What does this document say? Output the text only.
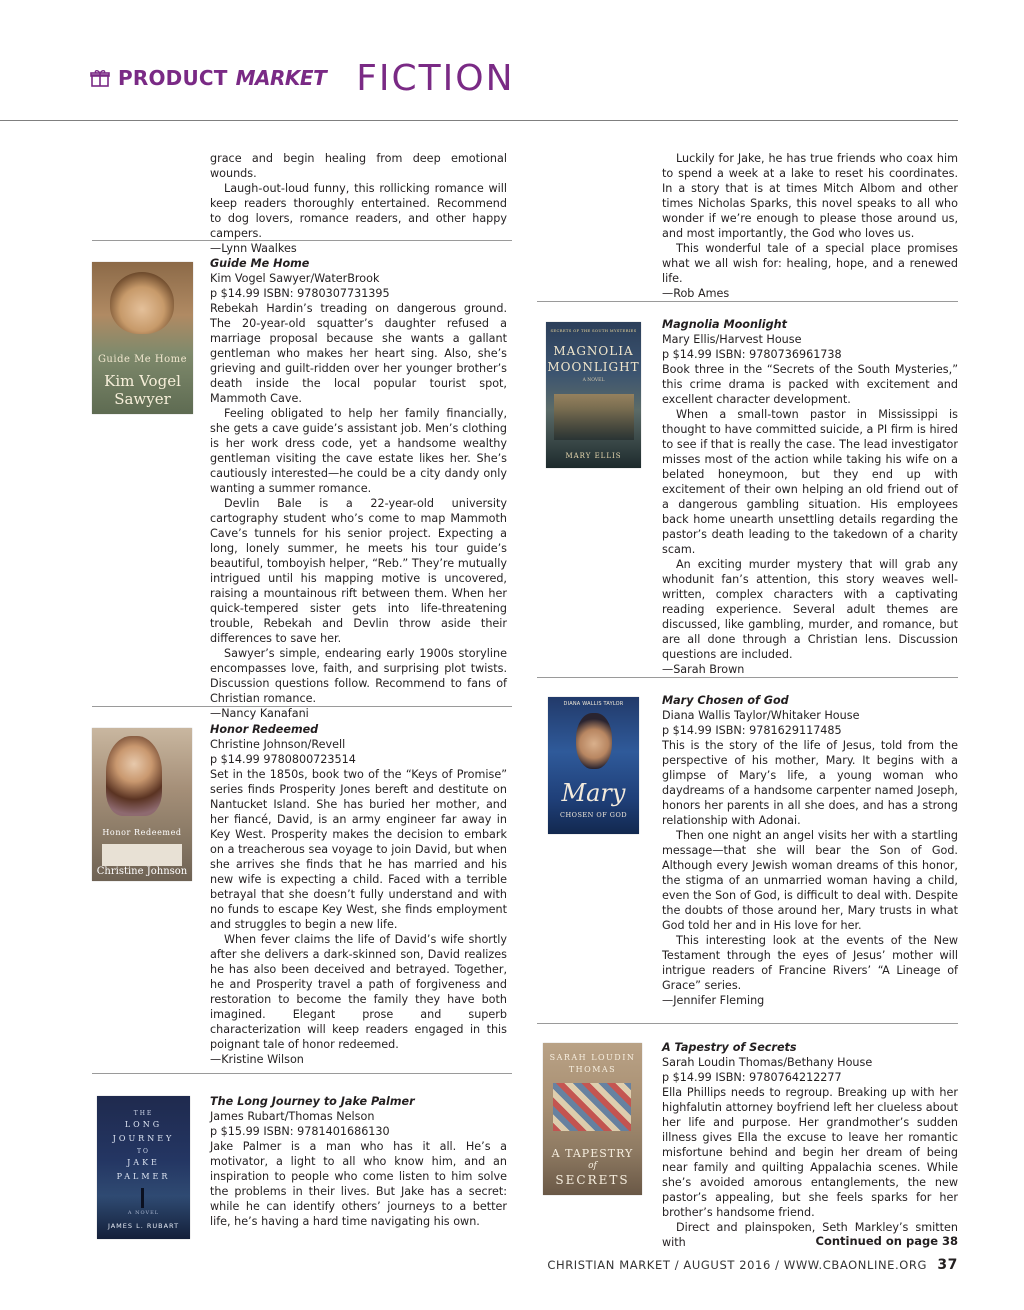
PRODUCT MARKET FICTION

grace and begin healing from deep emotional wounds.

Laugh-out-loud funny, this rollicking romance will keep readers thoroughly entertained. Recommend to dog lovers, romance readers, and other happy campers.

—Lynn Waalkes

Guide Me Home
Kim Vogel
Sawyer

Guide Me Home

Kim Vogel Sawyer/WaterBrook

p $14.99 ISBN: 9780307731395

Rebekah Hardin’s treading on dangerous ground. The 20-year-old squatter’s daughter refused a marriage proposal because she wants a gallant gentleman who makes her heart sing. Also, she’s grieving and guilt-ridden over her younger brother’s death inside the local popular tourist spot, Mammoth Cave.

Feeling obligated to help her family financially, she gets a cave guide’s assistant job. Men’s clothing is her work dress code, yet a handsome wealthy gentleman visiting the cave estate likes her. She’s cautiously interested—he could be a city dandy only wanting a summer romance.

Devlin Bale is a 22-year-old university cartography student who’s come to map Mammoth Cave’s tunnels for his senior project. Expecting a long, lonely summer, he meets his tour guide’s beautiful, tomboyish helper, “Reb.” They’re mutually intrigued until his mapping motive is uncovered, raising a mountainous rift between them. When her quick-tempered sister gets into life-threatening trouble, Rebekah and Devlin throw aside their differences to save her.

Sawyer’s simple, endearing early 1900s storyline encompasses love, faith, and surprising plot twists. Discussion questions follow. Recommend to fans of Christian romance.

—Nancy Kanafani

Honor Redeemed
Christine Johnson

Honor Redeemed

Christine Johnson/Revell

p $14.99 9780800723514

Set in the 1850s, book two of the “Keys of Promise” series finds Prosperity Jones bereft and destitute on Nantucket Island. She has buried her mother, and her fiancé, David, is an army engineer far away in Key West. Prosperity makes the decision to embark on a treacherous sea voyage to join David, but when she arrives she finds that he has married and his new wife is expecting a child. Faced with a terrible betrayal that she doesn’t fully understand and with no funds to escape Key West, she finds employment and struggles to begin a new life.

When fever claims the life of David’s wife shortly after she delivers a dark-skinned son, David realizes he has also been deceived and betrayed. Together, he and Prosperity travel a path of forgiveness and restoration to become the family they have both imagined. Elegant prose and superb characterization will keep readers engaged in this poignant tale of honor redeemed.

—Kristine Wilson

THE
LONG
JOURNEY
TO
JAKE
PALMER
A NOVEL
JAMES L. RUBART

The Long Journey to Jake Palmer

James Rubart/Thomas Nelson

p $15.99 ISBN: 9781401686130

Jake Palmer is a man who has it all. He’s a motivator, a light to all who know him, and an inspiration to people who come listen to him solve the problems in their lives. But Jake has a secret: while he can identify others’ journeys to a better life, he’s having a hard time navigating his own.

Luckily for Jake, he has true friends who coax him to spend a week at a lake to reset his coordinates. In a story that is at times Mitch Albom and other times Nicholas Sparks, this novel speaks to all who wonder if we’re enough to please those around us, and most importantly, the God who loves us.

This wonderful tale of a special place promises what we all wish for: healing, hope, and a renewed life.

—Rob Ames

SECRETS OF THE SOUTH MYSTERIES
MAGNOLIA
MOONLIGHT
A NOVEL
MARY ELLIS

Magnolia Moonlight

Mary Ellis/Harvest House

p $14.99 ISBN: 9780736961738

Book three in the “Secrets of the South Mysteries,” this crime drama is packed with excitement and excellent character development.

When a small-town pastor in Mississippi is thought to have committed suicide, a PI firm is hired to see if that is really the case. The lead investigator misses most of the action while taking his wife on a belated honeymoon, but they end up with excitement of their own helping an old friend out of a dangerous gambling situation. His employees back home unearth unsettling details regarding the pastor’s death leading to the takedown of a charity scam.

An exciting murder mystery that will grab any whodunit fan’s attention, this story weaves well-written, complex characters with a captivating reading experience. Several adult themes are discussed, like gambling, murder, and romance, but are all done through a Christian lens. Discussion questions are included.

—Sarah Brown

DIANA WALLIS TAYLOR
Mary
CHOSEN OF GOD

Mary Chosen of God

Diana Wallis Taylor/Whitaker House

p $14.99 ISBN: 9781629117485

This is the story of the life of Jesus, told from the perspective of his mother, Mary. It begins with a glimpse of Mary’s life, a young woman who daydreams of a handsome carpenter named Joseph, honors her parents in all she does, and has a strong relationship with Adonai.

Then one night an angel visits her with a startling message—that she will bear the Son of God. Although every Jewish woman dreams of this honor, the stigma of an unmarried woman having a child, even the Son of God, is difficult to deal with. Despite the doubts of those around her, Mary trusts in what God told her and in His love for her.

This interesting look at the events of the New Testament through the eyes of Jesus’ mother will intrigue readers of Francine Rivers’ “A Lineage of Grace” series.

—Jennifer Fleming

SARAH LOUDIN
THOMAS
A TAPESTRY
of
SECRETS

A Tapestry of Secrets

Sarah Loudin Thomas/Bethany House

p $14.99 ISBN: 9780764212277

Ella Phillips needs to regroup. Breaking up with her highfalutin attorney boyfriend left her clueless about her life and purpose. Her grandmother’s sudden illness gives Ella the excuse to leave her romantic misfortune behind and begin her dream of being near family and quilting Appalachia scenes. While she’s avoided amorous entanglements, the new pastor’s appealing, but she feels sparks for her brother’s handsome friend.

Direct and plainspoken, Seth Markley’s smitten with	Continued on page 38
CHRISTIAN MARKET / AUGUST 2016 / WWW.CBAONLINE.ORG 37
